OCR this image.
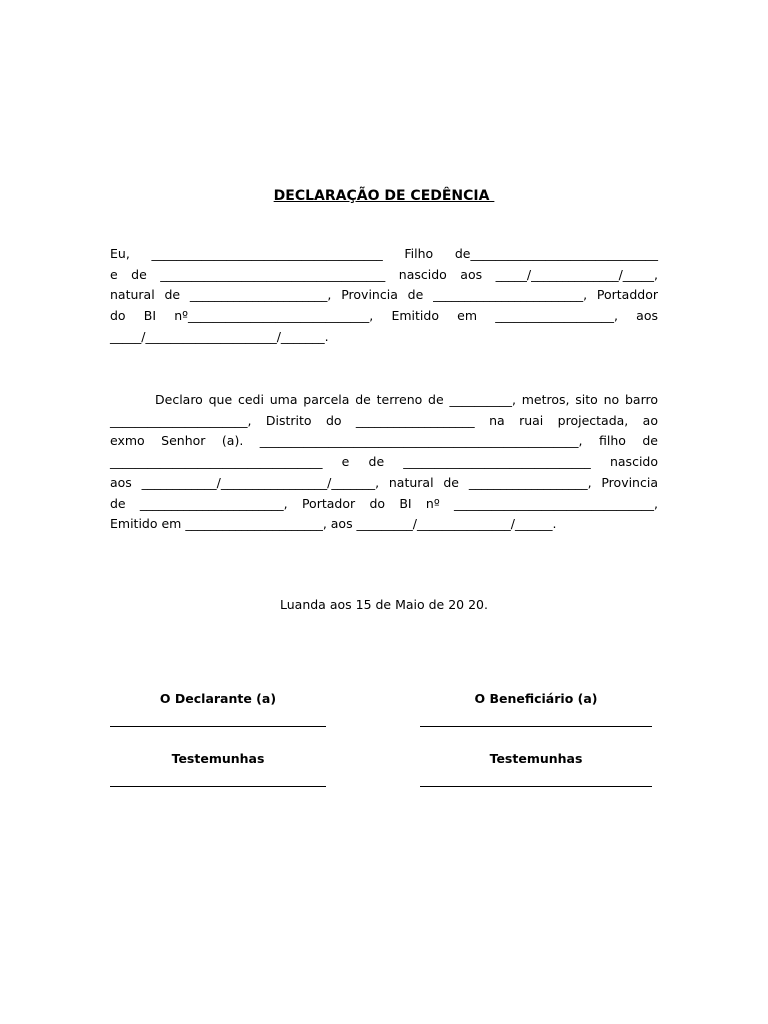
DECLARAÇÃO DE CEDÊNCIA
Eu, _____________________________________ Filho de______________________________
e de ____________________________________ nascido aos _____/______________/_____,
natural de ______________________, Provincia de ________________________, Portaddor
do BI nº_____________________________, Emitido em ___________________, aos
_____/_____________________/_______.
Declaro que cedi uma parcela de terreno de __________, metros, sito no barro
______________________, Distrito do ___________________ na ruai projectada, ao
exmo Senhor (a). ___________________________________________________, filho de
__________________________________ e de ______________________________ nascido
aos ____________/_________________/_______, natural de ___________________, Provincia
de _______________________, Portador do BI nº ________________________________,
Emitido em ______________________, aos _________/_______________/______.
Luanda aos 15 de Maio de 20 20.
O Declarante (a)	O Beneficiário (a)
Testemunhas	Testemunhas
